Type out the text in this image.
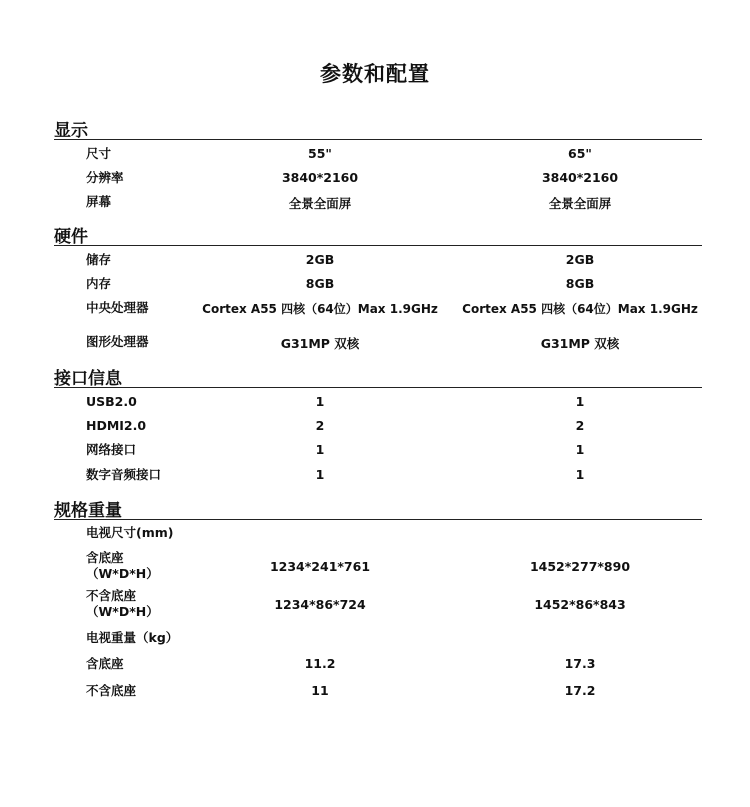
参数和配置
显示
尺寸	55"	65"
分辨率	3840*2160	3840*2160
屏幕	全景全面屏	全景全面屏
硬件
储存	2GB	2GB
内存	8GB	8GB
中央处理器	Cortex A55 四核（64位）Max 1.9GHz	Cortex A55 四核（64位）Max 1.9GHz
图形处理器	G31MP 双核	G31MP 双核
接口信息
USB2.0	1	1
HDMI2.0	2	2
网络接口	1	1
数字音频接口	1	1
规格重量
电视尺寸(mm)
含底座
（W*D*H）	1234*241*761	1452*277*890
不含底座
（W*D*H）	1234*86*724	1452*86*843
电视重量（kg）
含底座	11.2	17.3
不含底座	11	17.2
